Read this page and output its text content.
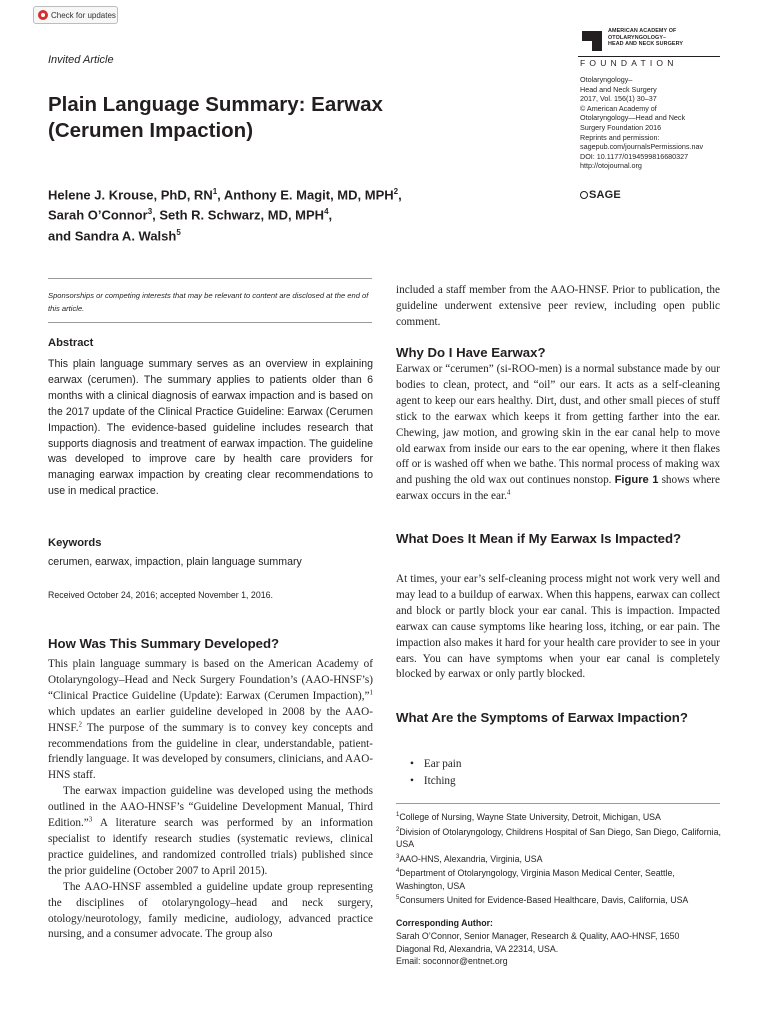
Check for updates
Invited Article
Plain Language Summary: Earwax
(Cerumen Impaction)
Helene J. Krouse, PhD, $RN^1$, Anthony E. Magit, MD, MPH$^2$,
Sarah O’Connor$^3$, Seth R. Schwarz, MD, MPH$^4$,
and Sandra A. Walsh$^5$
AMERICAN ACADEMY OF
OTOLARYNGOLOGY–
HEAD AND NECK SURGERY
FOUNDATION
Otolaryngology–
Head and Neck Surgery
2017, Vol. 156(1) 30–37
© American Academy of
Otolaryngology—Head and Neck
Surgery Foundation 2016
Reprints and permission:
sagepub.com/journalsPermissions.nav
DOI: 10.1177/0194599816680327
http://otojournal.org
SAGE
Sponsorships or competing interests that may be relevant to content are disclosed at the end of this article.
Abstract
This plain language summary serves as an overview in explaining earwax (cerumen). The summary applies to patients older than 6 months with a clinical diagnosis of earwax impaction and is based on the 2017 update of the Clinical Practice Guideline: Earwax (Cerumen Impaction). The evidence-based guideline includes research that supports diagnosis and treatment of earwax impaction. The guideline was developed to improve care by health care providers for managing earwax impaction by creating clear recommendations to use in medical practice.
Keywords
cerumen, earwax, impaction, plain language summary
Received October 24, 2016; accepted November 1, 2016.
How Was This Summary Developed?

This plain language summary is based on the American Academy of Otolaryngology–Head and Neck Surgery Foundation’s (AAO-HNSF’s) “Clinical Practice Guideline (Update): Earwax (Cerumen Impaction),”$^1$ which updates an earlier guideline developed in 2008 by the AAO-HNSF.$^2$ The purpose of the summary is to convey key concepts and recommendations from the guideline in clear, understandable, patient-friendly language. It was developed by consumers, clinicians, and AAO-HNS staff.

The earwax impaction guideline was developed using the methods outlined in the AAO-HNSF’s “Guideline Development Manual, Third Edition.”$^3$ A literature search was performed by an information specialist to identify research studies (systematic reviews, clinical practice guidelines, and randomized controlled trials) published since the prior guideline (October 2007 to April 2015).

The AAO-HNSF assembled a guideline update group representing the disciplines of otolaryngology–head and neck surgery, otology/neurotology, family medicine, audiology, advanced practice nursing, and a consumer advocate. The group also

included a staff member from the AAO-HNSF. Prior to publication, the guideline underwent extensive peer review, including open public comment.
Why Do I Have Earwax?
Earwax or “cerumen” (si-ROO-men) is a normal substance made by our bodies to clean, protect, and “oil” our ears. It acts as a self-cleaning agent to keep our ears healthy. Dirt, dust, and other small pieces of stuff stick to the earwax which keeps it from getting farther into the ear. Chewing, jaw motion, and growing skin in the ear canal help to move old earwax from inside our ears to the ear opening, where it then flakes off or is washed off when we bathe. This normal process of making wax and pushing the old wax out continues nonstop. Figure 1 shows where earwax occurs in the ear.$^4$
What Does It Mean if My Earwax Is Impacted?
At times, your ear’s self-cleaning process might not work very well and may lead to a buildup of earwax. When this happens, earwax can collect and block or partly block your ear canal. This is impaction. Impacted earwax can cause symptoms like hearing loss, itching, or ear pain. The impaction also makes it hard for your health care provider to see in your ears. You can have symptoms when your ear canal is completely blocked by earwax or only partly blocked.
What Are the Symptoms of Earwax Impaction?
• Ear pain
• Itching
$^1$College of Nursing, Wayne State University, Detroit, Michigan, USA
$^2$Division of Otolaryngology, Childrens Hospital of San Diego, San Diego, California, USA
$^3$AAO-HNS, Alexandria, Virginia, USA
$^4$Department of Otolaryngology, Virginia Mason Medical Center, Seattle, Washington, USA
$^5$Consumers United for Evidence-Based Healthcare, Davis, California, USA
Corresponding Author:
Sarah O’Connor, Senior Manager, Research & Quality, AAO-HNSF, 1650
Diagonal Rd, Alexandria, VA 22314, USA.
Email: soconnor@entnet.org
